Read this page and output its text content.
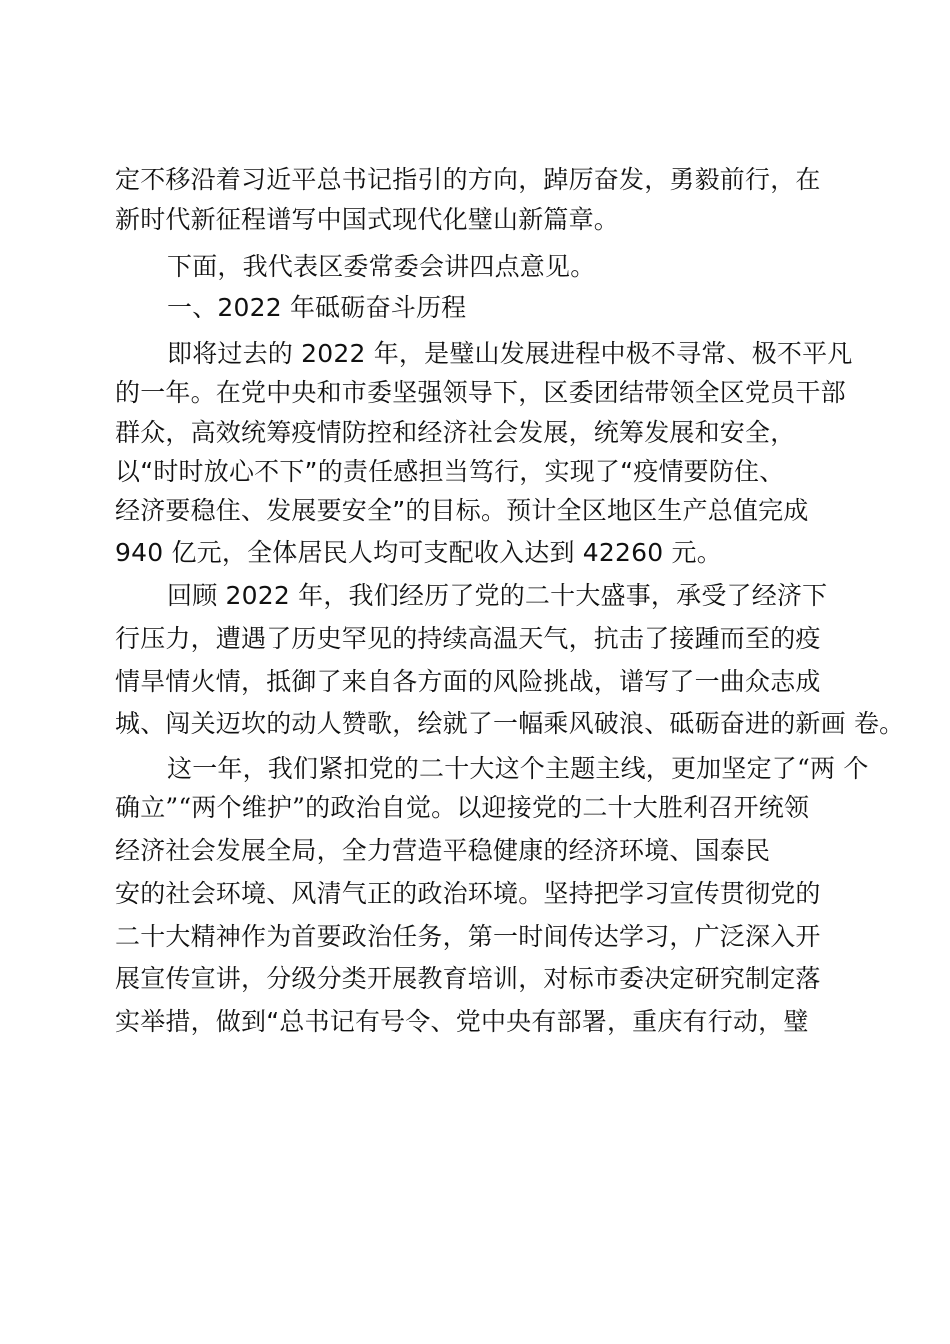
定不移沿着习近平总书记指引的方向，踔厉奋发，勇毅前行，在
新时代新征程谱写中国式现代化璧山新篇章。
下面，我代表区委常委会讲四点意见。
一、2022 年砥砺奋斗历程
即将过去的 2022 年，是璧山发展进程中极不寻常、极不平凡
的一年。在党中央和市委坚强领导下，区委团结带领全区党员干部
群众，高效统筹疫情防控和经济社会发展，统筹发展和安全，
以“时时放心不下”的责任感担当笃行，实现了“疫情要防住、
经济要稳住、发展要安全”的目标。预计全区地区生产总值完成
940 亿元，全体居民人均可支配收入达到 42260 元。
回顾 2022 年，我们经历了党的二十大盛事，承受了经济下
行压力，遭遇了历史罕见的持续高温天气，抗击了接踵而至的疫
情旱情火情，抵御了来自各方面的风险挑战，谱写了一曲众志成
城、闯关迈坎的动人赞歌，绘就了一幅乘风破浪、砥砺奋进的新画 卷。
这一年，我们紧扣党的二十大这个主题主线，更加坚定了“两 个
确立”“两个维护”的政治自觉。以迎接党的二十大胜利召开统领
经济社会发展全局，全力营造平稳健康的经济环境、国泰民
安的社会环境、风清气正的政治环境。坚持把学习宣传贯彻党的
二十大精神作为首要政治任务，第一时间传达学习，广泛深入开
展宣传宣讲，分级分类开展教育培训，对标市委决定研究制定落
实举措，做到“总书记有号令、党中央有部署，重庆有行动，璧
